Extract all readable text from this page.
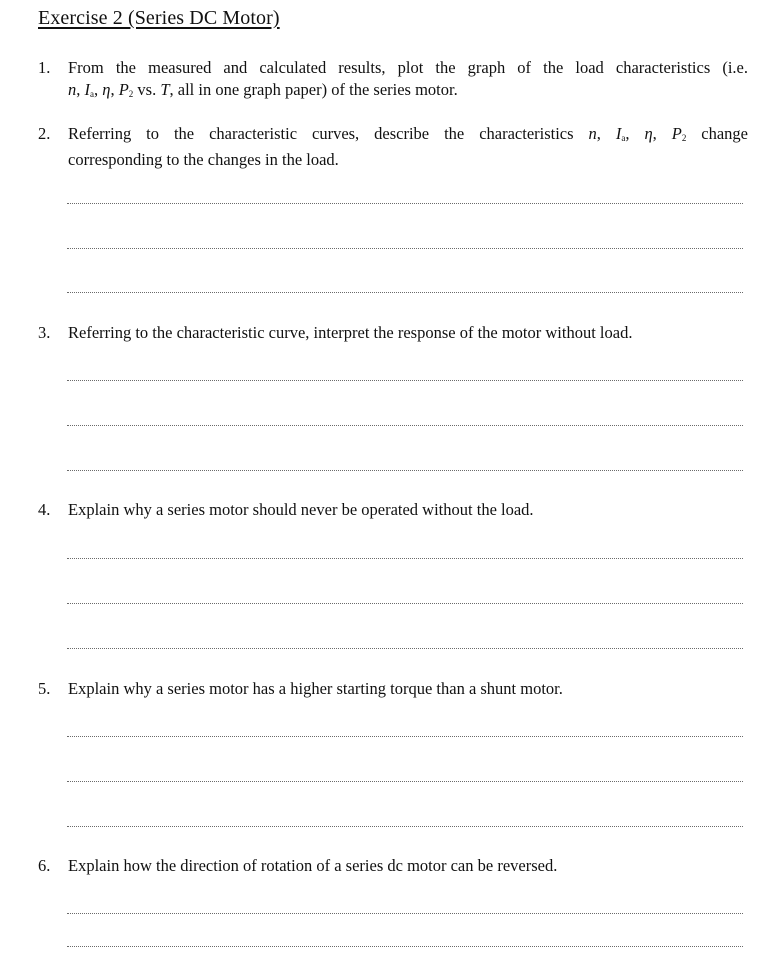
Exercise 2 (Series DC Motor)
1. From the measured and calculated results, plot the graph of the load characteristics (i.e.
n, $I_a$, η, $P_2$ vs. T, all in one graph paper) of the series motor.
2. Referring to the characteristic curves, describe the characteristics n, $I_a$, η, $P_2$ change
corresponding to the changes in the load.
3. Referring to the characteristic curve, interpret the response of the motor without load.
4. Explain why a series motor should never be operated without the load.
5. Explain why a series motor has a higher starting torque than a shunt motor.
6. Explain how the direction of rotation of a series dc motor can be reversed.
